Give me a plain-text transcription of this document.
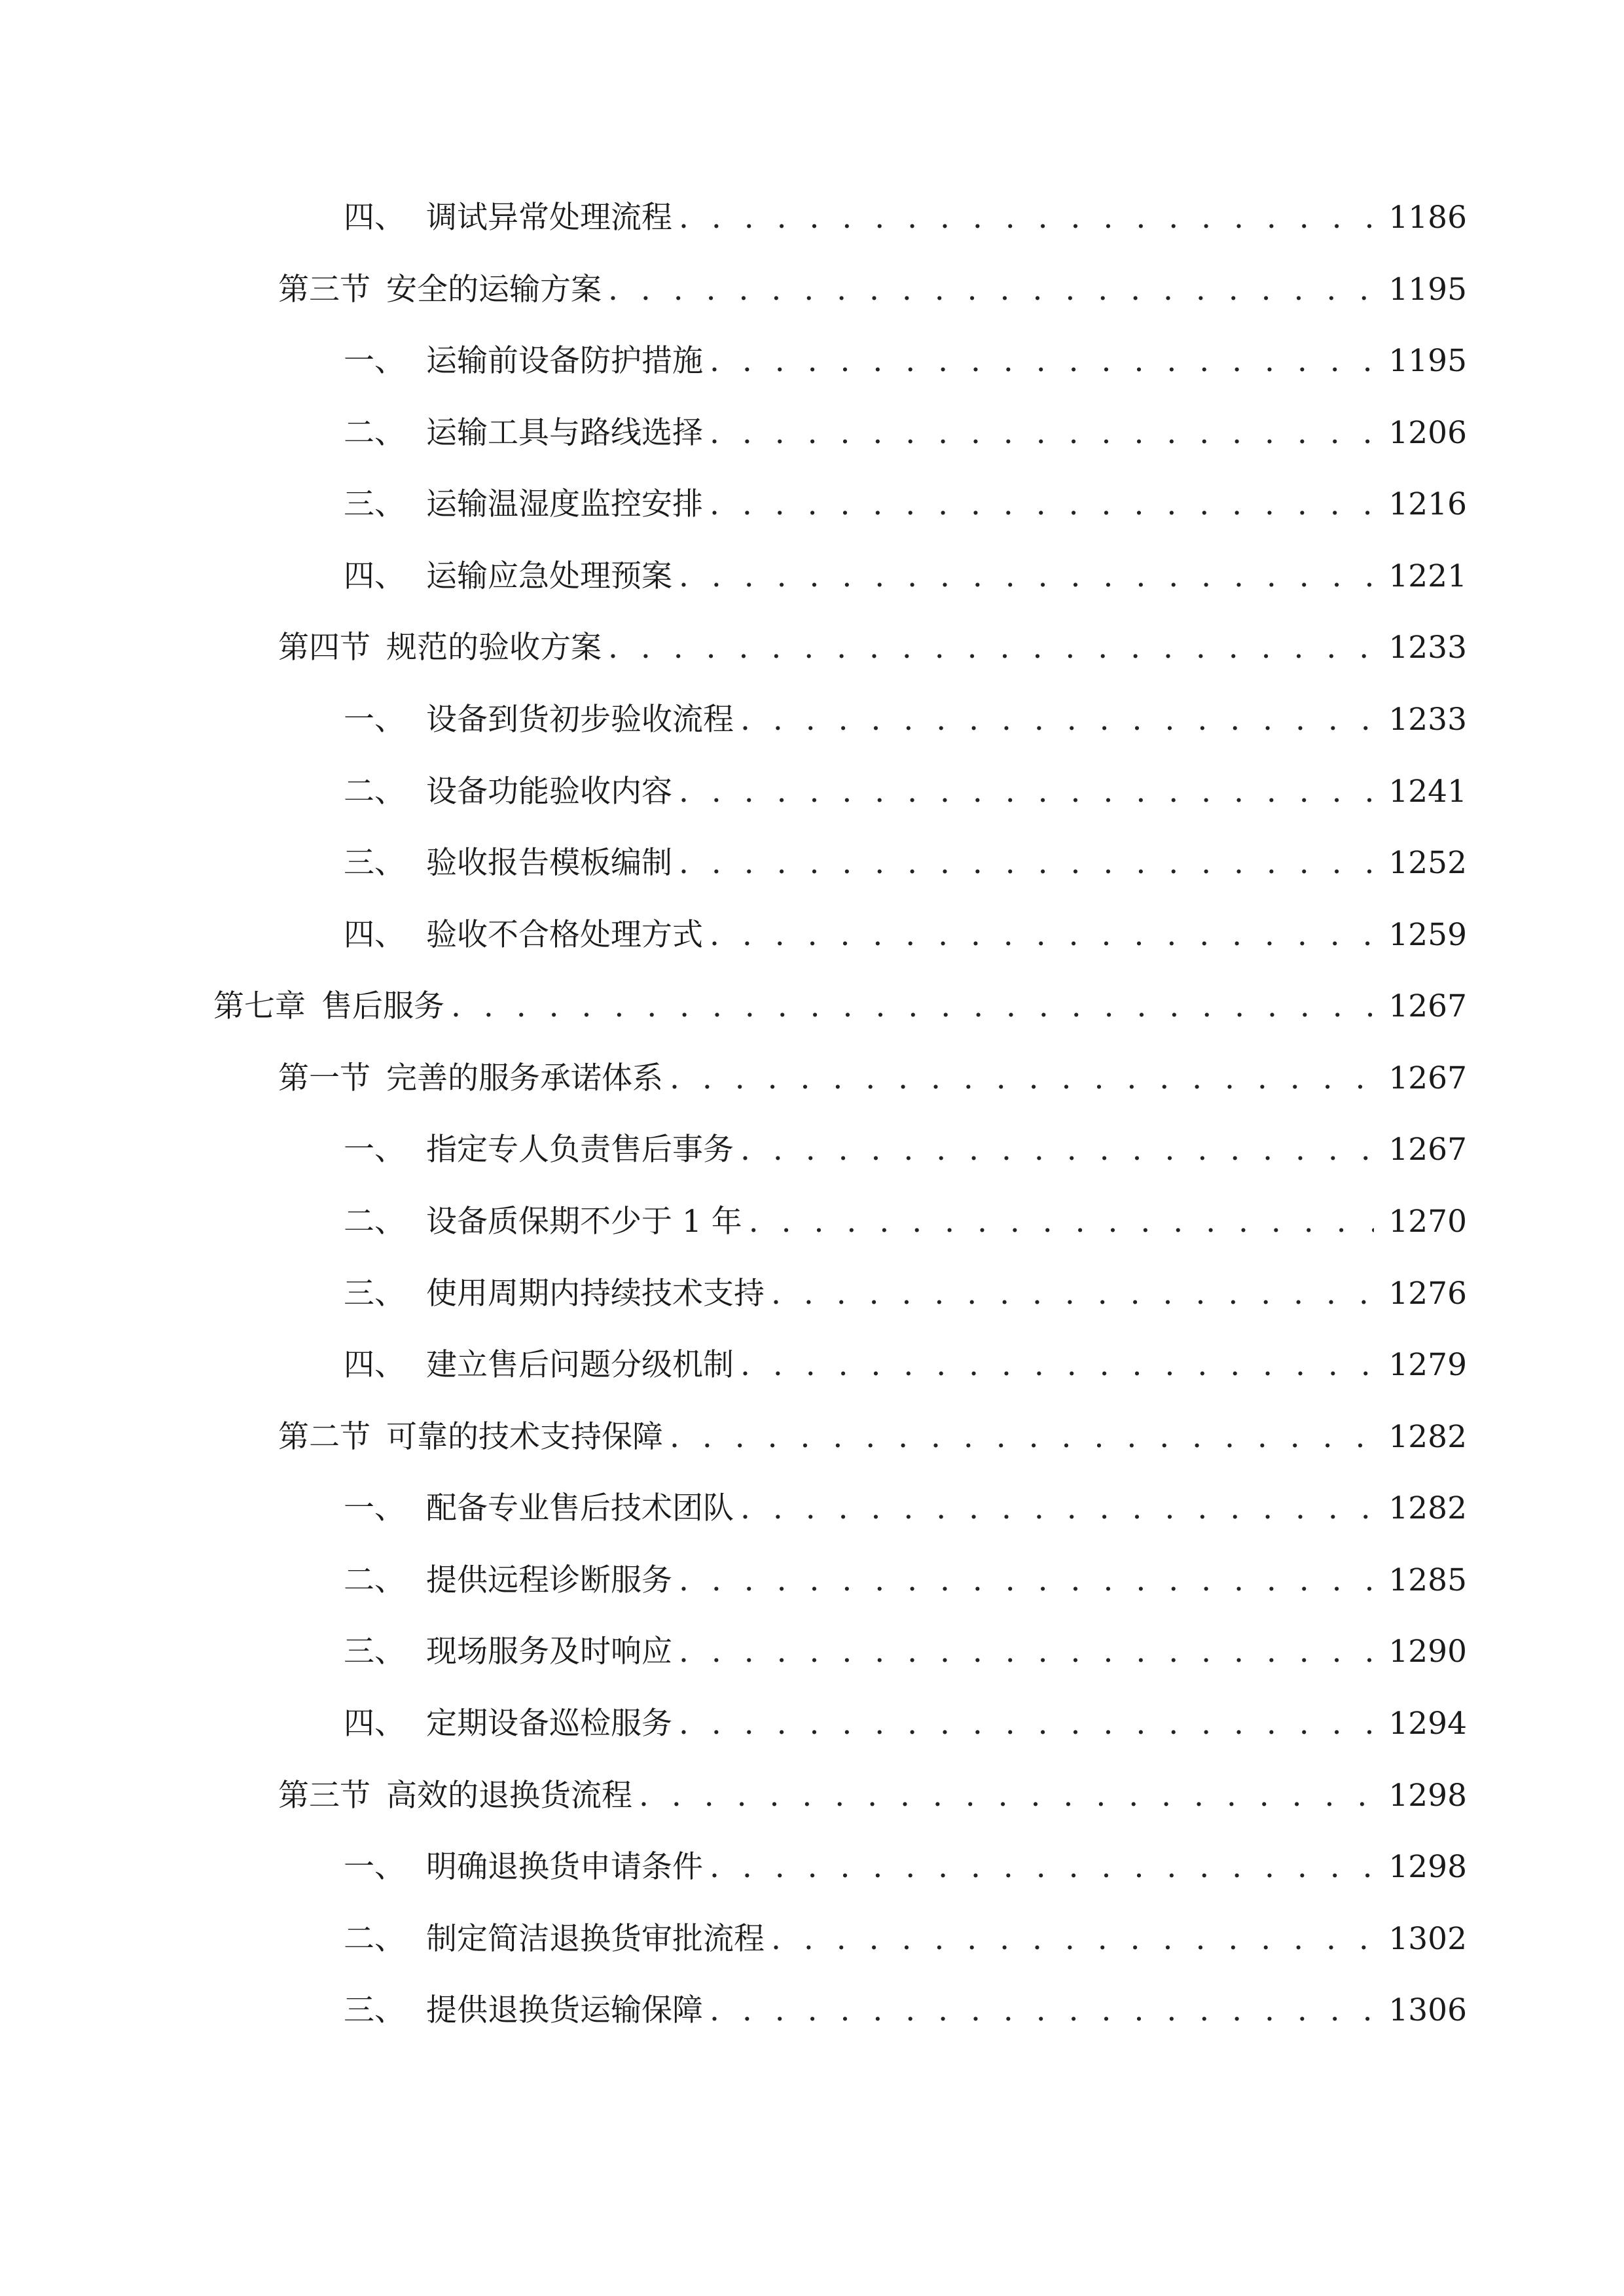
四、 调试异常处理流程 . . .	1186
第三节 安全的运输方案 . . .	1195
一、 运输前设备防护措施 . . .	1195
二、 运输工具与路线选择 . . .	1206
三、 运输温湿度监控安排 . . .	1216
四、 运输应急处理预案 . . .	1221
第四节 规范的验收方案 . . .	1233
一、 设备到货初步验收流程 . . .	1233
二、 设备功能验收内容 . . .	1241
三、 验收报告模板编制 . . .	1252
四、 验收不合格处理方式 . . .	1259
第七章 售后服务 . . .	1267
第一节 完善的服务承诺体系 . . .	1267
一、 指定专人负责售后事务 . . .	1267
二、 设备质保期不少于 1 年 . . .	1270
三、 使用周期内持续技术支持 . . .	1276
四、 建立售后问题分级机制 . . .	1279
第二节 可靠的技术支持保障 . . .	1282
一、 配备专业售后技术团队 . . .	1282
二、 提供远程诊断服务 . . .	1285
三、 现场服务及时响应 . . .	1290
四、 定期设备巡检服务 . . .	1294
第三节 高效的退换货流程 . . .	1298
一、 明确退换货申请条件 . . .	1298
二、 制定简洁退换货审批流程 . . .	1302
三、 提供退换货运输保障 . . .	1306
